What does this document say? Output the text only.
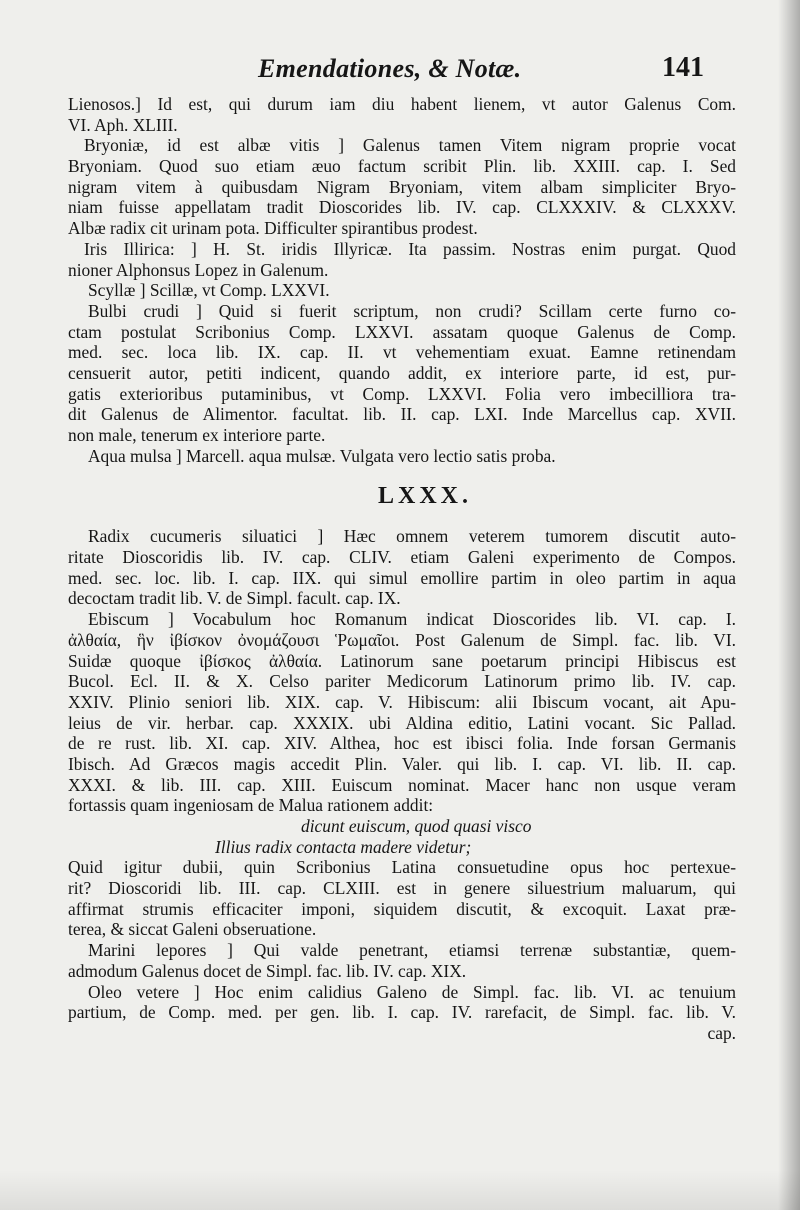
Emendationes, & Notæ.	141
Lienosos.] Id est, qui durum iam diu habent lienem, vt autor Galenus Com.
VI. Aph. XLIII.
Bryoniæ, id est albæ vitis ] Galenus tamen Vitem nigram proprie vocat
Bryoniam. Quod suo etiam æuo factum scribit Plin. lib. XXIII. cap. I. Sed
nigram vitem à quibusdam Nigram Bryoniam, vitem albam simpliciter Bryo-
niam fuisse appellatam tradit Dioscorides lib. IV. cap. CLXXXIV. & CLXXXV.
Albæ radix cit urinam pota. Difficulter spirantibus prodest.
Iris Illirica: ] H. St. iridis Illyricæ. Ita passim. Nostras enim purgat. Quod
nioner Alphonsus Lopez in Galenum.
Scyllæ ] Scillæ, vt Comp. LXXVI.
Bulbi crudi ] Quid si fuerit scriptum, non crudi? Scillam certe furno co-
ctam postulat Scribonius Comp. LXXVI. assatam quoque Galenus de Comp.
med. sec. loca lib. IX. cap. II. vt vehementiam exuat. Eamne retinendam
censuerit autor, petiti indicent, quando addit, ex interiore parte, id est, pur-
gatis exterioribus putaminibus, vt Comp. LXXVI. Folia vero imbecilliora tra-
dit Galenus de Alimentor. facultat. lib. II. cap. LXI. Inde Marcellus cap. XVII.
non male, tenerum ex interiore parte.
Aqua mulsa ] Marcell. aqua mulsæ. Vulgata vero lectio satis proba.
LXXX.
Radix cucumeris siluatici ] Hæc omnem veterem tumorem discutit auto-
ritate Dioscoridis lib. IV. cap. CLIV. etiam Galeni experimento de Compos.
med. sec. loc. lib. I. cap. IIX. qui simul emollire partim in oleo partim in aqua
decoctam tradit lib. V. de Simpl. facult. cap. IX.
Ebiscum ] Vocabulum hoc Romanum indicat Dioscorides lib. VI. cap. I.
ἀλθαία, ἣν ἰβίσκον ὀνομάζουσι Ῥωμαῖοι. Post Galenum de Simpl. fac. lib. VI.
Suidæ quoque ἰβίσκος ἀλθαία. Latinorum sane poetarum principi Hibiscus est
Bucol. Ecl. II. & X. Celso pariter Medicorum Latinorum primo lib. IV. cap.
XXIV. Plinio seniori lib. XIX. cap. V. Hibiscum: alii Ibiscum vocant, ait Apu-
leius de vir. herbar. cap. XXXIX. ubi Aldina editio, Latini vocant. Sic Pallad.
de re rust. lib. XI. cap. XIV. Althea, hoc est ibisci folia. Inde forsan Germanis
Ibisch. Ad Græcos magis accedit Plin. Valer. qui lib. I. cap. VI. lib. II. cap.
XXXI. & lib. III. cap. XIII. Euiscum nominat. Macer hanc non usque veram
fortassis quam ingeniosam de Malua rationem addit:
dicunt euiscum, quod quasi visco
Illius radix contacta madere videtur;
Quid igitur dubii, quin Scribonius Latina consuetudine opus hoc pertexue-
rit? Dioscoridi lib. III. cap. CLXIII. est in genere siluestrium maluarum, qui
affirmat strumis efficaciter imponi, siquidem discutit, & excoquit. Laxat præ-
terea, & siccat Galeni obseruatione.
Marini lepores ] Qui valde penetrant, etiamsi terrenæ substantiæ, quem-
admodum Galenus docet de Simpl. fac. lib. IV. cap. XIX.
Oleo vetere ] Hoc enim calidius Galeno de Simpl. fac. lib. VI. ac tenuium
partium, de Comp. med. per gen. lib. I. cap. IV. rarefacit, de Simpl. fac. lib. V.
cap.
